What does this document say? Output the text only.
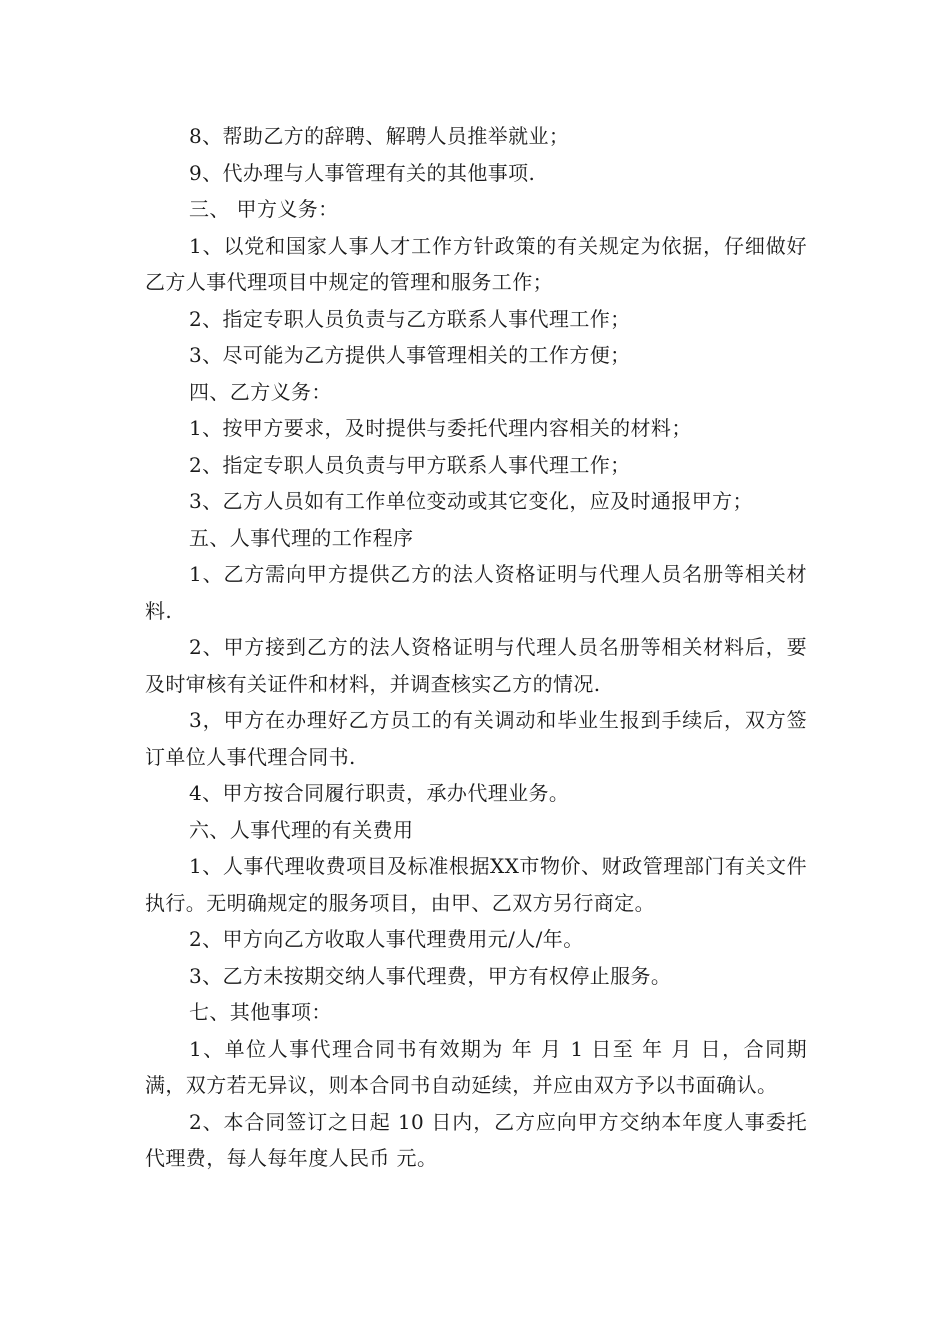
8、帮助乙方的辞聘、解聘人员推举就业；

9、代办理与人事管理有关的其他事项.

三、 甲方义务：

1、以党和国家人事人才工作方针政策的有关规定为依据，仔细做好乙方人事代理项目中规定的管理和服务工作；

2、指定专职人员负责与乙方联系人事代理工作；

3、尽可能为乙方提供人事管理相关的工作方便；

四、乙方义务：

1、按甲方要求，及时提供与委托代理内容相关的材料；

2、指定专职人员负责与甲方联系人事代理工作；

3、乙方人员如有工作单位变动或其它变化，应及时通报甲方；

五、人事代理的工作程序

1、乙方需向甲方提供乙方的法人资格证明与代理人员名册等相关材料.

2、甲方接到乙方的法人资格证明与代理人员名册等相关材料后，要及时审核有关证件和材料，并调查核实乙方的情况.

3，甲方在办理好乙方员工的有关调动和毕业生报到手续后，双方签订单位人事代理合同书.

4、甲方按合同履行职责，承办代理业务。

六、人事代理的有关费用

1、人事代理收费项目及标准根据XX市物价、财政管理部门有关文件执行。无明确规定的服务项目，由甲、乙双方另行商定。

2、甲方向乙方收取人事代理费用元/人/年。

3、乙方未按期交纳人事代理费，甲方有权停止服务。

七、其他事项：

1、单位人事代理合同书有效期为 年 月 1 日至 年 月 日，合同期满，双方若无异议，则本合同书自动延续，并应由双方予以书面确认。

2、本合同签订之日起 10 日内，乙方应向甲方交纳本年度人事委托代理费，每人每年度人民币 元。
